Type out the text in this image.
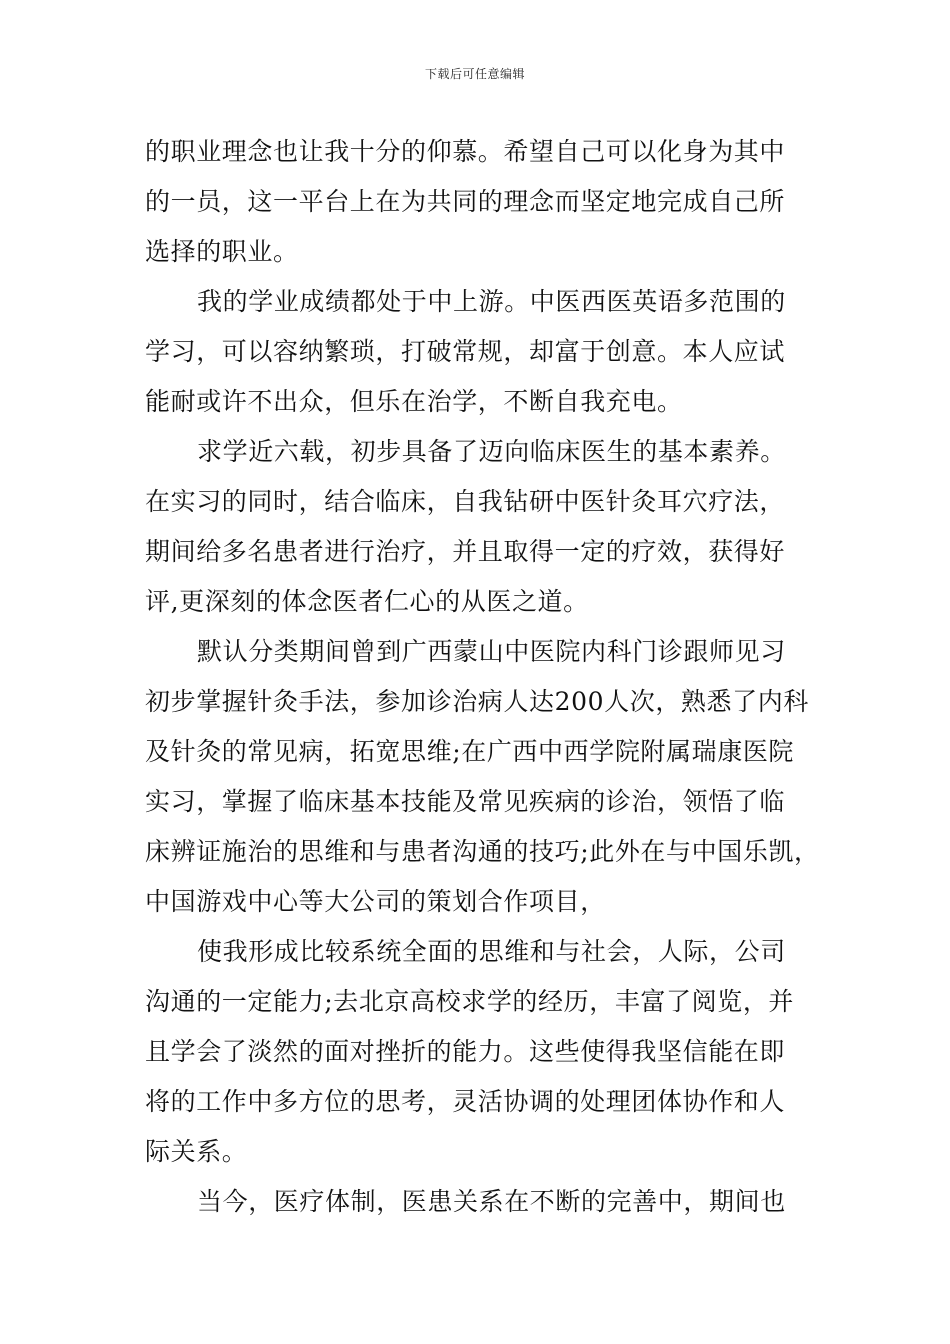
下载后可任意编辑
的职业理念也让我十分的仰慕。希望自己可以化身为其中
的一员，这一平台上在为共同的理念而坚定地完成自己所
选择的职业。
我的学业成绩都处于中上游。中医西医英语多范围的
学习，可以容纳繁琐，打破常规，却富于创意。本人应试
能耐或许不出众，但乐在治学，不断自我充电。
求学近六载，初步具备了迈向临床医生的基本素养。
在实习的同时，结合临床，自我钻研中医针灸耳穴疗法，
期间给多名患者进行治疗，并且取得一定的疗效，获得好
评,更深刻的体念医者仁心的从医之道。
默认分类期间曾到广西蒙山中医院内科门诊跟师见习
初步掌握针灸手法，参加诊治病人达200人次，熟悉了内科
及针灸的常见病，拓宽思维;在广西中西学院附属瑞康医院
实习，掌握了临床基本技能及常见疾病的诊治，领悟了临
床辨证施治的思维和与患者沟通的技巧;此外在与中国乐凯，
中国游戏中心等大公司的策划合作项目，
使我形成比较系统全面的思维和与社会，人际，公司
沟通的一定能力;去北京高校求学的经历，丰富了阅览，并
且学会了淡然的面对挫折的能力。这些使得我坚信能在即
将的工作中多方位的思考，灵活协调的处理团体协作和人
际关系。
当今，医疗体制，医患关系在不断的完善中，期间也
